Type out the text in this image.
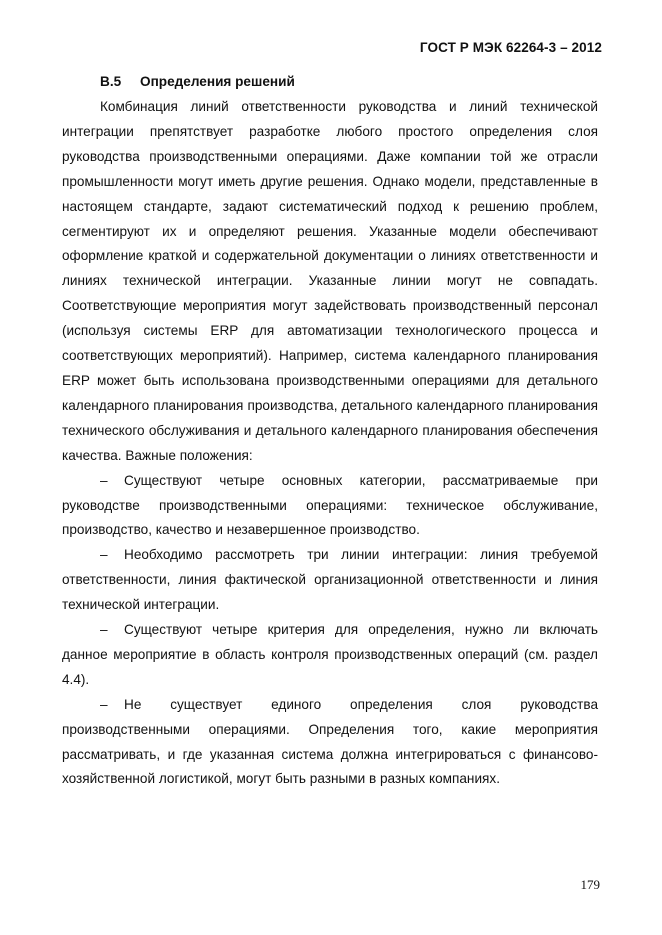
ГОСТ Р МЭК 62264-3 – 2012
B.5 Определения решений

Комбинация линий ответственности руководства и линий технической интеграции препятствует разработке любого простого определения слоя руководства производственными операциями. Даже компании той же отрасли промышленности могут иметь другие решения. Однако модели, представленные в настоящем стандарте, задают систематический подход к решению проблем, сегментируют их и определяют решения. Указанные модели обеспечивают оформление краткой и содержательной документации о линиях ответственности и линиях технической интеграции. Указанные линии могут не совпадать. Соответствующие мероприятия могут задействовать производственный персонал (используя системы ERP для автоматизации технологического процесса и соответствующих мероприятий). Например, система календарного планирования ERP может быть использована производственными операциями для детального календарного планирования производства, детального календарного планирования технического обслуживания и детального календарного планирования обеспечения качества. Важные положения:

– Существуют четыре основных категории, рассматриваемые при руководстве производственными операциями: техническое обслуживание, производство, качество и незавершенное производство.
– Необходимо рассмотреть три линии интеграции: линия требуемой ответственности, линия фактической организационной ответственности и линия технической интеграции.
– Существуют четыре критерия для определения, нужно ли включать данное мероприятие в область контроля производственных операций (см. раздел 4.4).
– Не существует единого определения слоя руководства производственными операциями. Определения того, какие мероприятия рассматривать, и где указанная система должна интегрироваться с финансово-хозяйственной логистикой, могут быть разными в разных компаниях.
179
